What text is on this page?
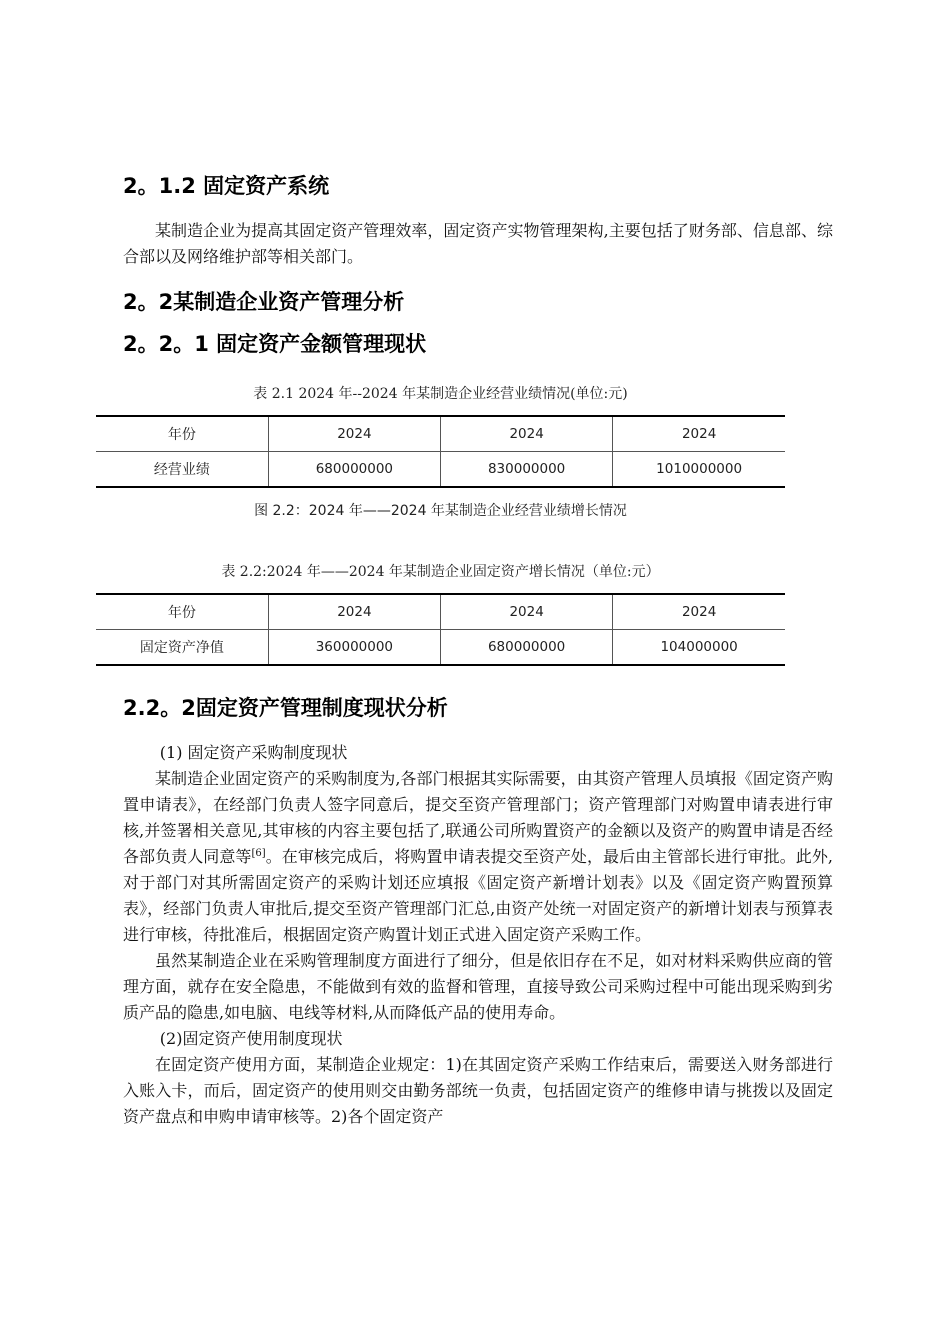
2。1.2 固定资产系统

某制造企业为提高其固定资产管理效率，固定资产实物管理架构,主要包括了财务部、信息部、综合部以及网络维护部等相关部门。

2。2某制造企业资产管理分析
2。2。1 固定资产金额管理现状

表 2.1 2024 年--2024 年某制造企业经营业绩情况(单位:元)

年份	2024	2024	2024
经营业绩	680000000	830000000	1010000000

图 2.2：2024 年——2024 年某制造企业经营业绩增长情况

表 2.2:2024 年——2024 年某制造企业固定资产增长情况（单位:元）

年份	2024	2024	2024
固定资产净值	360000000	680000000	104000000
2.2。2固定资产管理制度现状分析

(1) 固定资产采购制度现状

某制造企业固定资产的采购制度为,各部门根据其实际需要，由其资产管理人员填报《固定资产购置申请表》，在经部门负责人签字同意后，提交至资产管理部门；资产管理部门对购置申请表进行审核,并签署相关意见,其审核的内容主要包括了,联通公司所购置资产的金额以及资产的购置申请是否经各部负责人同意等[6]。在审核完成后，将购置申请表提交至资产处，最后由主管部长进行审批。此外,对于部门对其所需固定资产的采购计划还应填报《固定资产新增计划表》以及《固定资产购置预算表》，经部门负责人审批后,提交至资产管理部门汇总,由资产处统一对固定资产的新增计划表与预算表进行审核，待批准后，根据固定资产购置计划正式进入固定资产采购工作。

虽然某制造企业在采购管理制度方面进行了细分，但是依旧存在不足，如对材料采购供应商的管理方面，就存在安全隐患，不能做到有效的监督和管理，直接导致公司采购过程中可能出现采购到劣质产品的隐患,如电脑、电线等材料,从而降低产品的使用寿命。

(2)固定资产使用制度现状

在固定资产使用方面，某制造企业规定：1)在其固定资产采购工作结束后，需要送入财务部进行入账入卡，而后，固定资产的使用则交由勤务部统一负责，包括固定资产的维修申请与挑拨以及固定资产盘点和申购申请审核等。2)各个固定资产
